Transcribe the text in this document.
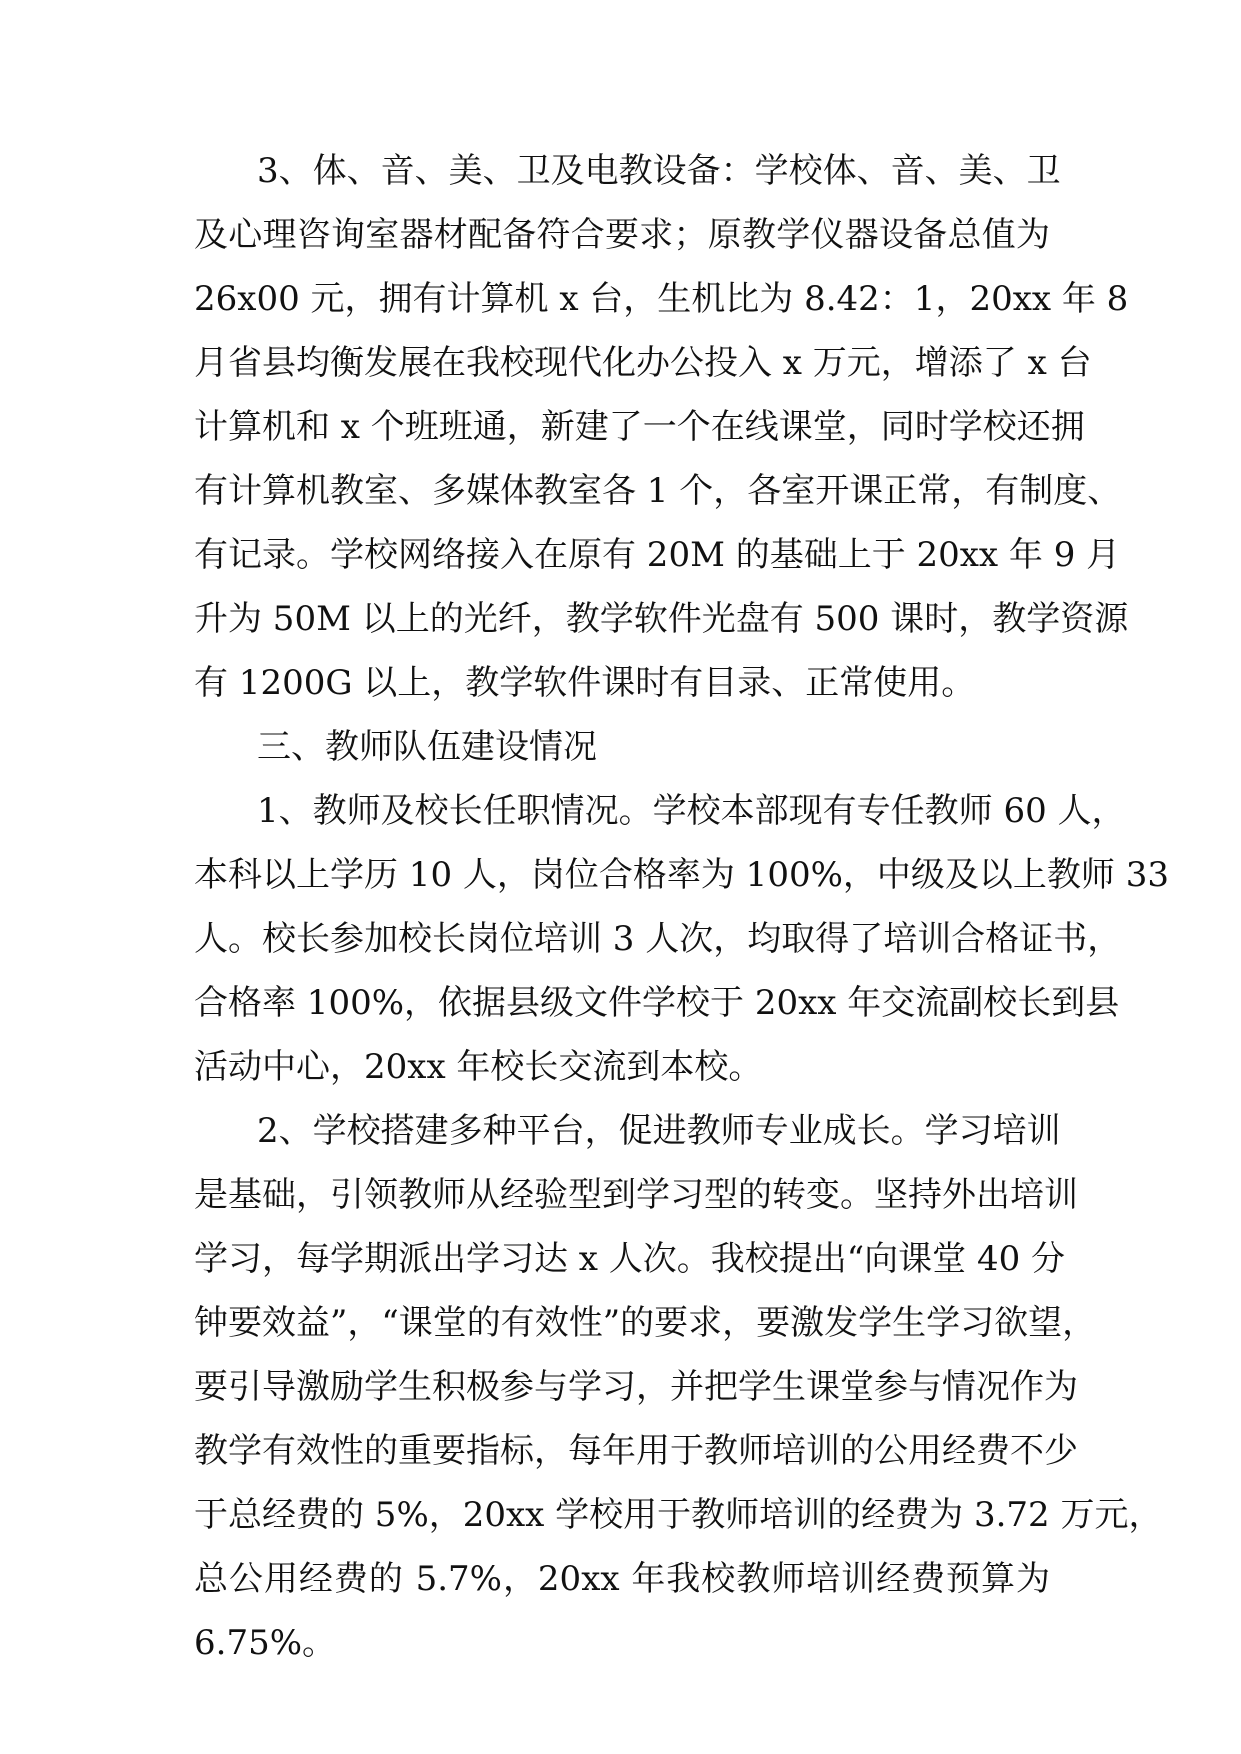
3、体、音、美、卫及电教设备：学校体、音、美、卫
及心理咨询室器材配备符合要求；原教学仪器设备总值为
26x00 元，拥有计算机 x 台，生机比为 8.42：1，20xx 年 8
月省县均衡发展在我校现代化办公投入 x 万元，增添了 x 台
计算机和 x 个班班通，新建了一个在线课堂，同时学校还拥
有计算机教室、多媒体教室各 1 个，各室开课正常，有制度、
有记录。学校网络接入在原有 20M 的基础上于 20xx 年 9 月
升为 50M 以上的光纤，教学软件光盘有 500 课时，教学资源
有 1200G 以上，教学软件课时有目录、正常使用。
三、教师队伍建设情况
1、教师及校长任职情况。学校本部现有专任教师 60 人，
本科以上学历 10 人，岗位合格率为 100%，中级及以上教师 33
人。校长参加校长岗位培训 3 人次，均取得了培训合格证书，
合格率 100%，依据县级文件学校于 20xx 年交流副校长到县
活动中心，20xx 年校长交流到本校。
2、学校搭建多种平台，促进教师专业成长。学习培训
是基础，引领教师从经验型到学习型的转变。坚持外出培训
学习，每学期派出学习达 x 人次。我校提出“向课堂 40 分
钟要效益”，“课堂的有效性”的要求，要激发学生学习欲望，
要引导激励学生积极参与学习，并把学生课堂参与情况作为
教学有效性的重要指标，每年用于教师培训的公用经费不少
于总经费的 5%，20xx 学校用于教师培训的经费为 3.72 万元，
总公用经费的 5.7%，20xx 年我校教师培训经费预算为
6.75%。
